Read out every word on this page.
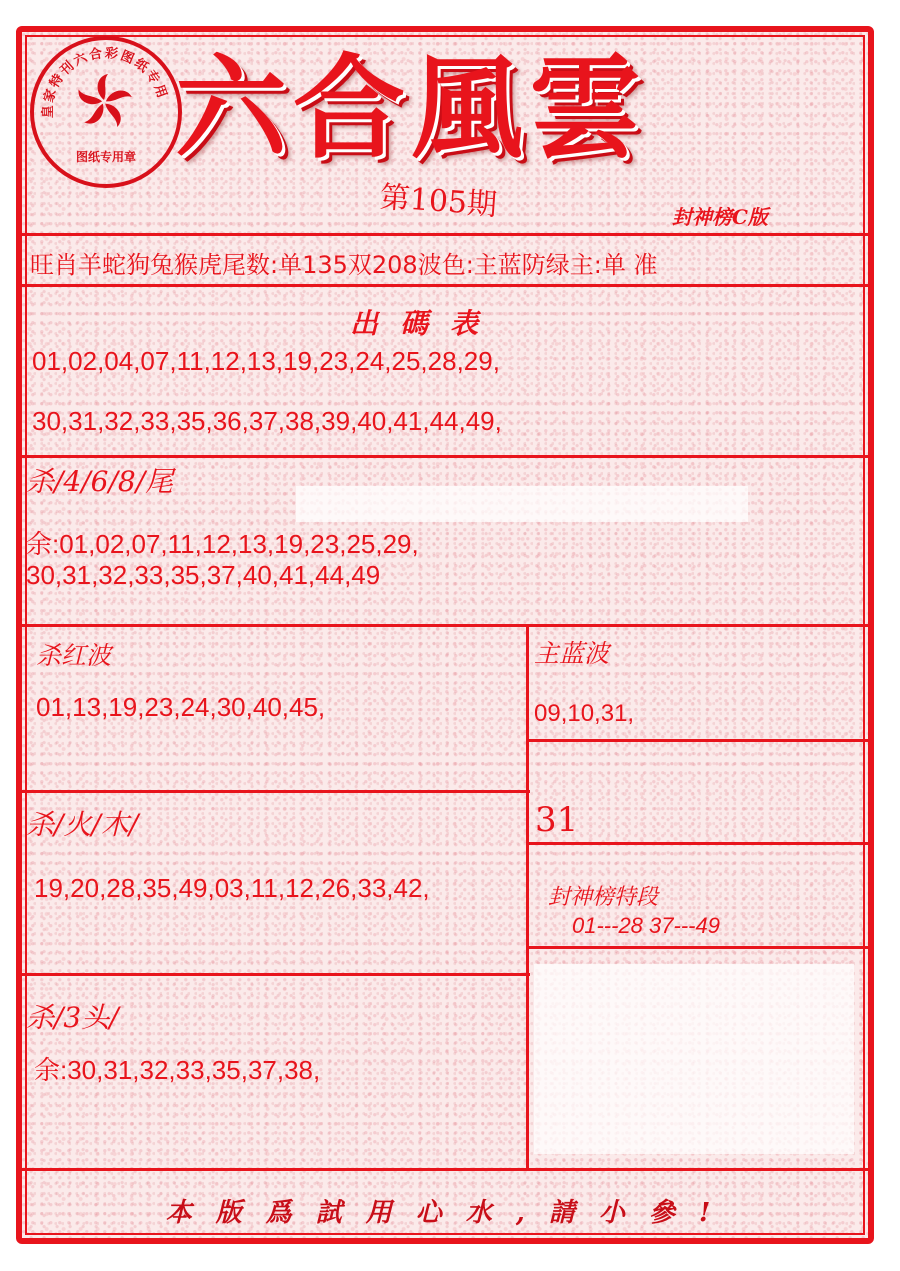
皇家特刊六合彩图纸专用
图纸专用章 六合風雲
第105期	封神榜C版
旺肖羊蛇狗兔猴虎尾数:单135双208波色:主蓝防绿主:单 准
出碼表
01,02,04,07,11,12,13,19,23,24,25,28,29,
30,31,32,33,35,36,37,38,39,40,41,44,49,
杀/4/6/8/尾
余:01,02,07,11,12,13,19,23,25,29,
30,31,32,33,35,37,40,41,44,49
杀红波
01,13,19,23,24,30,40,45,
主蓝波
09,10,31,
杀/火/木/
19,20,28,35,49,03,11,12,26,33,42,
31
封神榜特段
01---28 37---49
杀/3头/
余:30,31,32,33,35,37,38,
本版爲試用心水,請小參!
